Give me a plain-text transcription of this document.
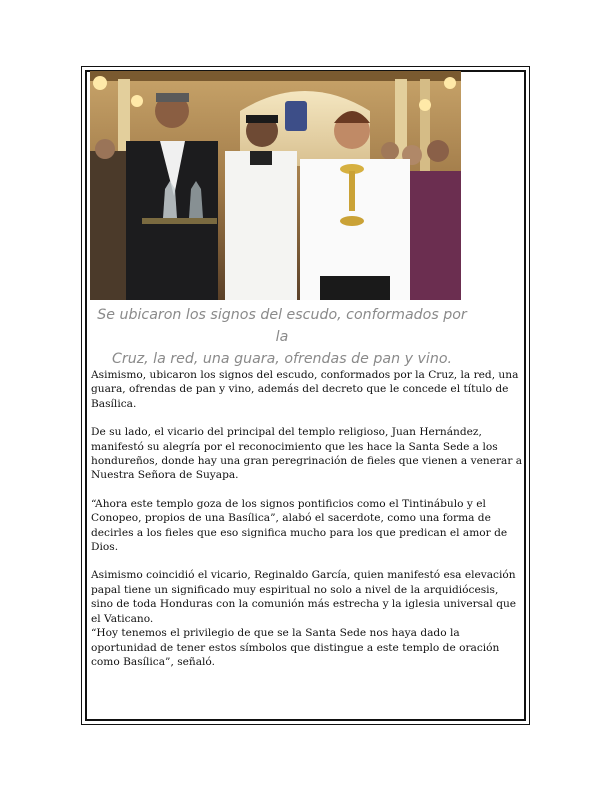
Se ubicaron los signos del escudo, conformados por la
Cruz, la red, una guara, ofrendas de pan y vino.

Asimismo, ubicaron los signos del escudo, conformados por la Cruz, la red, una guara, ofrendas de pan y vino, además del decreto que le concede el título de Basílica.

De su lado, el vicario del principal del templo religioso, Juan Hernández, manifestó su alegría por el reconocimiento que les hace la Santa Sede a los hondureños, donde hay una gran peregrinación de fieles que vienen a venerar a Nuestra Señora de Suyapa.

“Ahora este templo goza de los signos pontificios como el Tintinábulo y el Conopeo, propios de una Basílica”, alabó el sacerdote, como una forma de decirles a los fieles que eso significa mucho para los que predican el amor de Dios.

Asimismo coincidió el vicario, Reginaldo García, quien manifestó esa elevación papal tiene un significado muy espiritual no solo a nivel de la arquidiócesis, sino de toda Honduras con la comunión más estrecha y la iglesia universal que el Vaticano.

“Hoy tenemos el privilegio de que se la Santa Sede nos haya dado la oportunidad de tener estos símbolos que distingue a este templo de oración como Basílica”, señaló.
